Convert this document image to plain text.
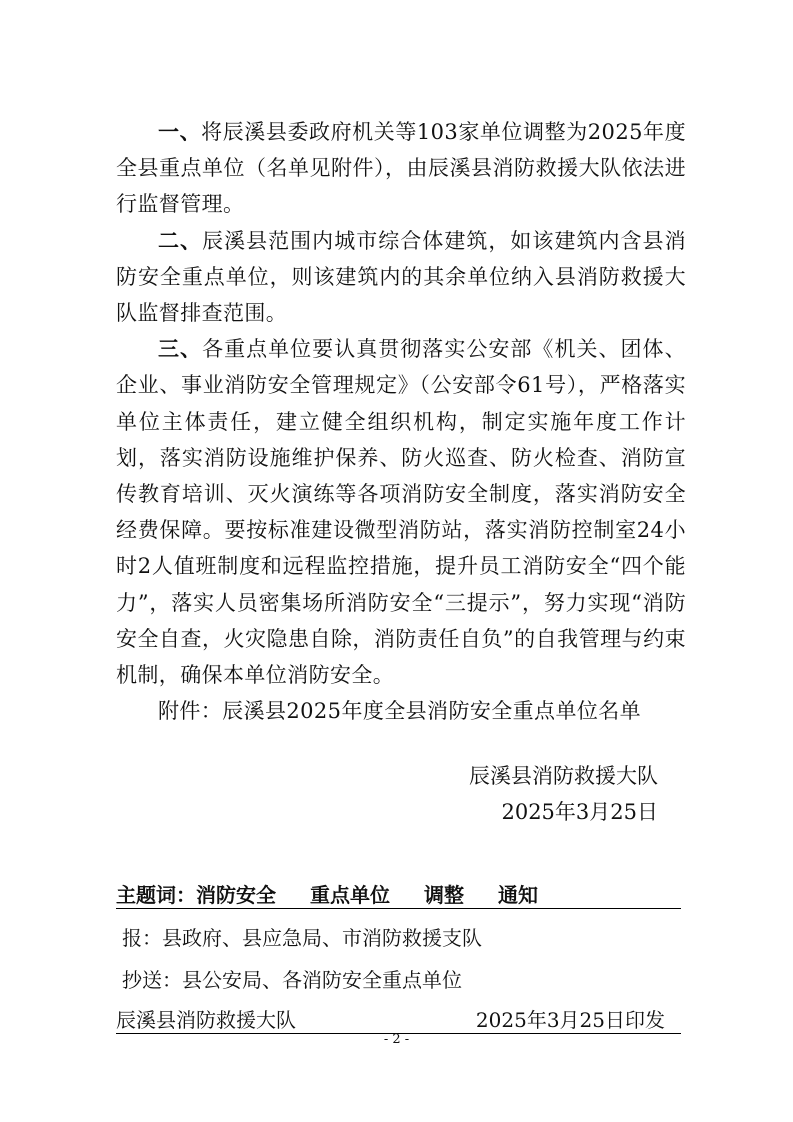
一、将辰溪县委政府机关等103家单位调整为2025年度全县重点单位（名单见附件），由辰溪县消防救援大队依法进行监督管理。

二、辰溪县范围内城市综合体建筑，如该建筑内含县消防安全重点单位，则该建筑内的其余单位纳入县消防救援大队监督排查范围。

三、各重点单位要认真贯彻落实公安部《机关、团体、企业、事业消防安全管理规定》（公安部令61号），严格落实单位主体责任，建立健全组织机构，制定实施年度工作计划，落实消防设施维护保养、防火巡查、防火检查、消防宣传教育培训、灭火演练等各项消防安全制度，落实消防安全经费保障。要按标准建设微型消防站，落实消防控制室24小时2人值班制度和远程监控措施，提升员工消防安全“四个能力”，落实人员密集场所消防安全“三提示”，努力实现“消防安全自查，火灾隐患自除，消防责任自负”的自我管理与约束机制，确保本单位消防安全。

附件：辰溪县2025年度全县消防安全重点单位名单

辰溪县消防救援大队
2025年3月25日
主题词： 消防安全 重点单位 调整 通知
报：县政府、县应急局、市消防救援支队
抄送：县公安局、各消防安全重点单位
辰溪县消防救援大队	2025年3月25日印发
- 2 -
